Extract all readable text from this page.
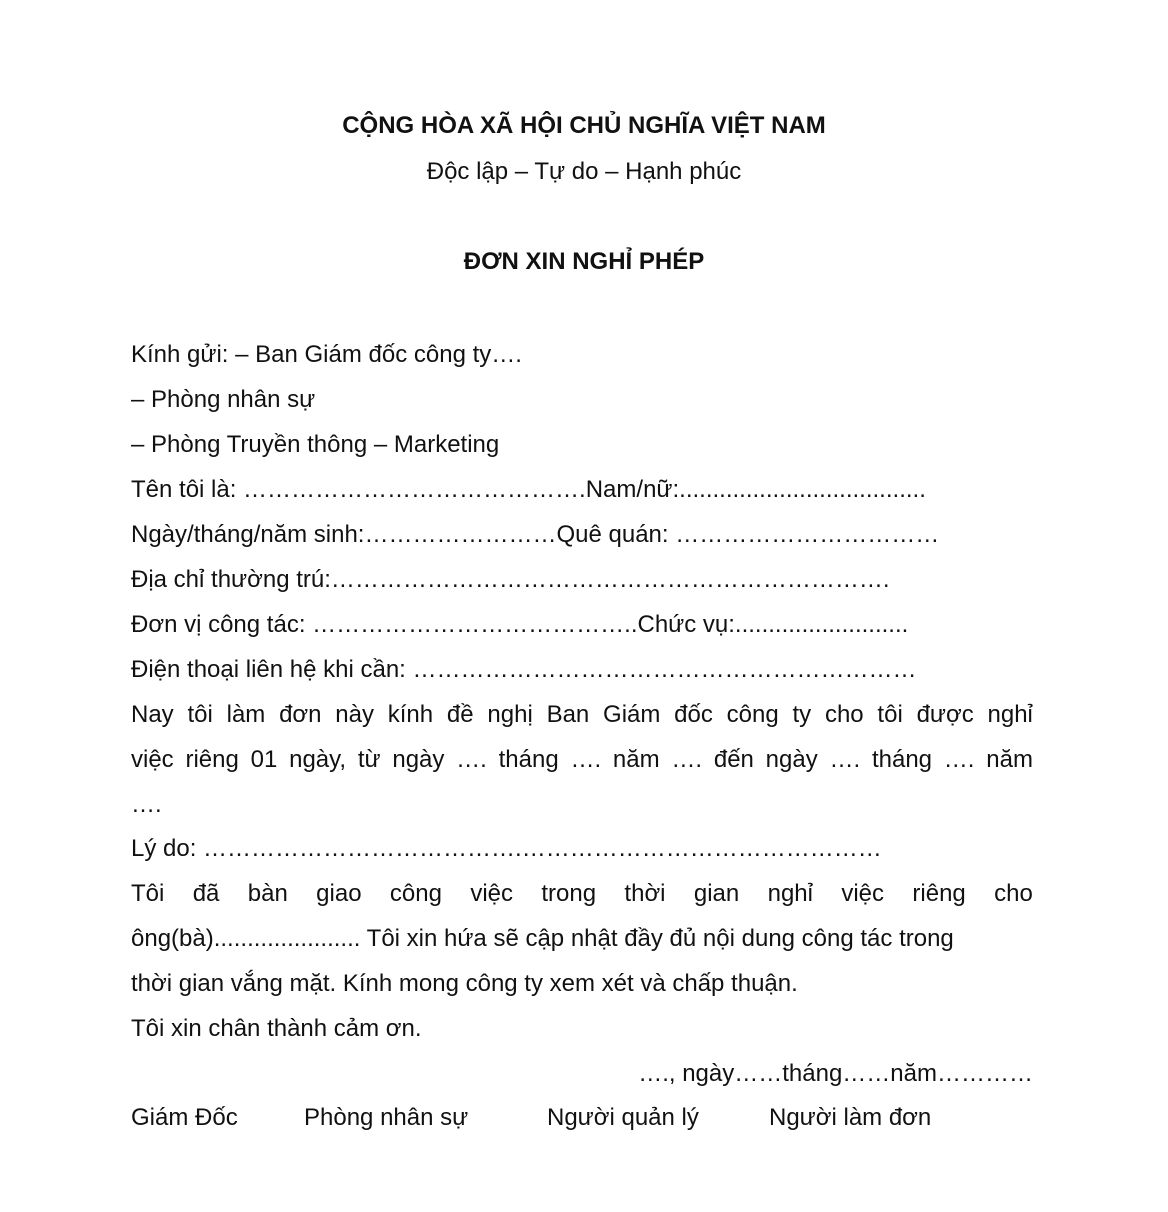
CỘNG HÒA XÃ HỘI CHỦ NGHĨA VIỆT NAM
Độc lập – Tự do – Hạnh phúc
ĐƠN XIN NGHỈ PHÉP
Kính gửi: – Ban Giám đốc công ty….
– Phòng nhân sự
– Phòng Truyền thông – Marketing
Tên tôi là: …………………………………….Nam/nữ:.....................................
Ngày/tháng/năm sinh:……………………Quê quán: ……………………………
Địa chỉ thường trú:…………………………………………………………….
Đơn vị công tác: …………………………………..Chức vụ:..........................
Điện thoại liên hệ khi cần: ………………………………………………………
Nay tôi làm đơn này kính đề nghị Ban Giám đốc công ty cho tôi được nghỉ
việc riêng 01 ngày, từ ngày …. tháng …. năm …. đến ngày …. tháng …. năm
….
Lý do: ………………………………….………………………………………
Tôi đã bàn giao công việc trong thời gian nghỉ việc riêng cho
ông(bà)...................... Tôi xin hứa sẽ cập nhật đầy đủ nội dung công tác trong
thời gian vắng mặt. Kính mong công ty xem xét và chấp thuận.
Tôi xin chân thành cảm ơn.
…., ngày……tháng……năm…………
Giám Đốc	Phòng nhân sự	Người quản lý	Người làm đơn
